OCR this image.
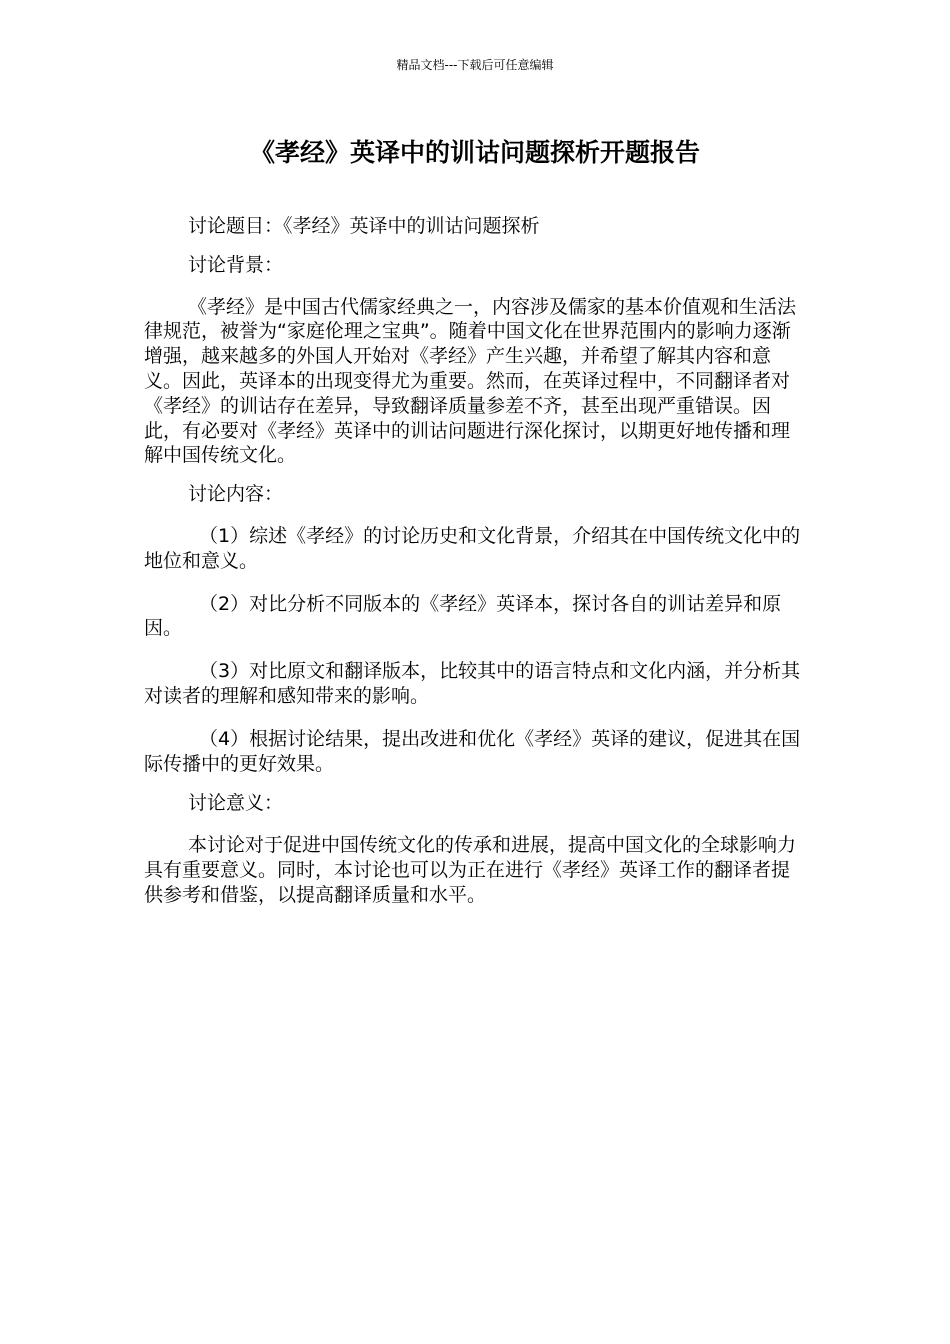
精品文档---下载后可任意编辑
《孝经》英译中的训诂问题探析开题报告

讨论题目：《孝经》英译中的训诂问题探析

讨论背景：

《孝经》是中国古代儒家经典之一，内容涉及儒家的基本价值观和生活法律规范，被誉为“家庭伦理之宝典”。随着中国文化在世界范围内的影响力逐渐增强，越来越多的外国人开始对《孝经》产生兴趣，并希望了解其内容和意义。因此，英译本的出现变得尤为重要。然而，在英译过程中，不同翻译者对《孝经》的训诂存在差异，导致翻译质量参差不齐，甚至出现严重错误。因此，有必要对《孝经》英译中的训诂问题进行深化探讨，以期更好地传播和理解中国传统文化。

讨论内容：

（1）综述《孝经》的讨论历史和文化背景，介绍其在中国传统文化中的地位和意义。

（2）对比分析不同版本的《孝经》英译本，探讨各自的训诂差异和原因。

（3）对比原文和翻译版本，比较其中的语言特点和文化内涵，并分析其对读者的理解和感知带来的影响。

（4）根据讨论结果，提出改进和优化《孝经》英译的建议，促进其在国际传播中的更好效果。

讨论意义：

本讨论对于促进中国传统文化的传承和进展，提高中国文化的全球影响力具有重要意义。同时，本讨论也可以为正在进行《孝经》英译工作的翻译者提供参考和借鉴，以提高翻译质量和水平。
